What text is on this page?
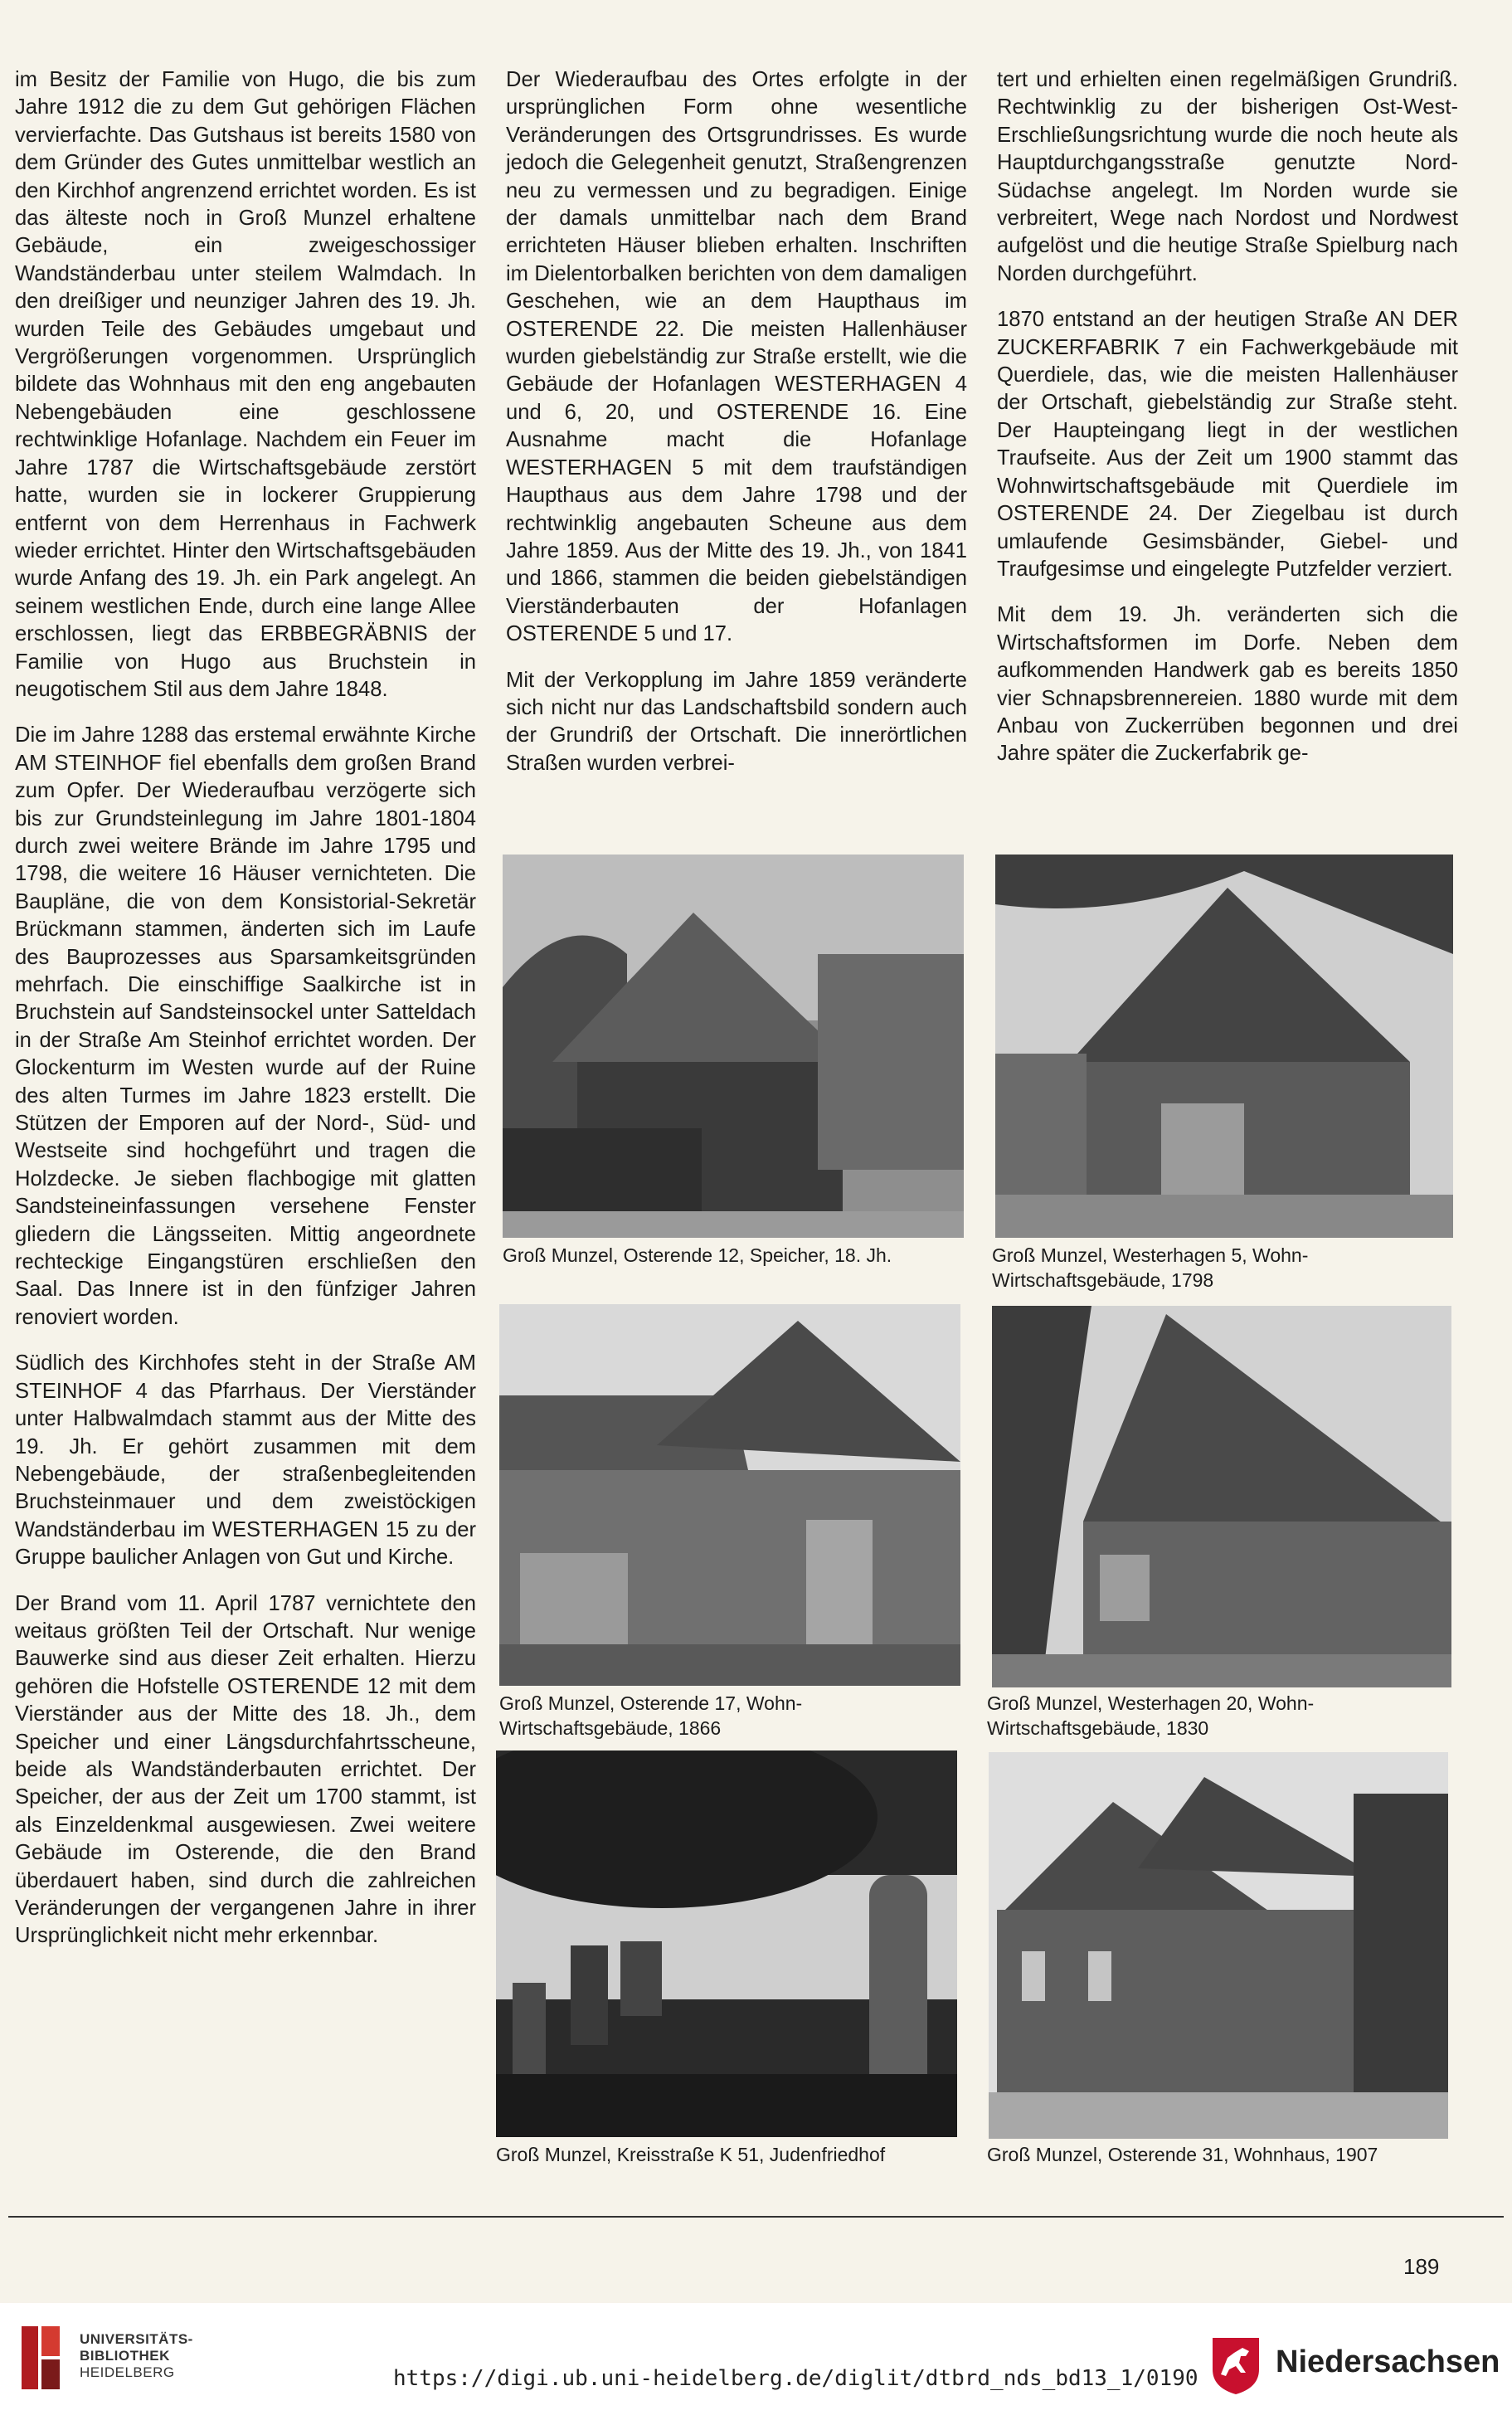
im Besitz der Familie von Hugo, die bis zum Jahre 1912 die zu dem Gut gehörigen Flächen vervierfachte. Das Gutshaus ist bereits 1580 von dem Gründer des Gutes unmittelbar westlich an den Kirchhof angrenzend errichtet worden. Es ist das älteste noch in Groß Munzel erhaltene Gebäude, ein zweigeschossiger Wandständerbau unter steilem Walmdach. In den dreißiger und neunziger Jahren des 19. Jh. wurden Teile des Gebäudes umgebaut und Vergrößerungen vorgenommen. Ursprünglich bildete das Wohnhaus mit den eng angebauten Nebengebäuden eine geschlossene rechtwinklige Hofanlage. Nachdem ein Feuer im Jahre 1787 die Wirtschaftsgebäude zerstört hatte, wurden sie in lockerer Gruppierung entfernt von dem Herrenhaus in Fachwerk wieder errichtet. Hinter den Wirtschaftsgebäuden wurde Anfang des 19. Jh. ein Park angelegt. An seinem westlichen Ende, durch eine lange Allee erschlossen, liegt das ERBBEGRÄBNIS der Familie von Hugo aus Bruchstein in neugotischem Stil aus dem Jahre 1848.

Die im Jahre 1288 das erstemal erwähnte Kirche AM STEINHOF fiel ebenfalls dem großen Brand zum Opfer. Der Wiederaufbau verzögerte sich bis zur Grundsteinlegung im Jahre 1801-1804 durch zwei weitere Brände im Jahre 1795 und 1798, die weitere 16 Häuser vernichteten. Die Baupläne, die von dem Konsistorial-Sekretär Brückmann stammen, änderten sich im Laufe des Bauprozesses aus Sparsamkeitsgründen mehrfach. Die einschiffige Saalkirche ist in Bruchstein auf Sandsteinsockel unter Satteldach in der Straße Am Steinhof errichtet worden. Der Glockenturm im Westen wurde auf der Ruine des alten Turmes im Jahre 1823 erstellt. Die Stützen der Emporen auf der Nord-, Süd- und Westseite sind hochgeführt und tragen die Holzdecke. Je sieben flachbogige mit glatten Sandsteineinfassungen versehene Fenster gliedern die Längsseiten. Mittig angeordnete rechteckige Eingangstüren erschließen den Saal. Das Innere ist in den fünfziger Jahren renoviert worden.

Südlich des Kirchhofes steht in der Straße AM STEINHOF 4 das Pfarrhaus. Der Vierständer unter Halbwalmdach stammt aus der Mitte des 19. Jh. Er gehört zusammen mit dem Nebengebäude, der straßenbegleitenden Bruchsteinmauer und dem zweistöckigen Wandständerbau im WESTERHAGEN 15 zu der Gruppe baulicher Anlagen von Gut und Kirche.

Der Brand vom 11. April 1787 vernichtete den weitaus größten Teil der Ortschaft. Nur wenige Bauwerke sind aus dieser Zeit erhalten. Hierzu gehören die Hofstelle OSTERENDE 12 mit dem Vierständer aus der Mitte des 18. Jh., dem Speicher und einer Längsdurchfahrtsscheune, beide als Wandständerbauten errichtet. Der Speicher, der aus der Zeit um 1700 stammt, ist als Einzeldenkmal ausgewiesen. Zwei weitere Gebäude im Osterende, die den Brand überdauert haben, sind durch die zahlreichen Veränderungen der vergangenen Jahre in ihrer Ursprünglichkeit nicht mehr erkennbar.

Der Wiederaufbau des Ortes erfolgte in der ursprünglichen Form ohne wesentliche Veränderungen des Ortsgrundrisses. Es wurde jedoch die Gelegenheit genutzt, Straßengrenzen neu zu vermessen und zu begradigen. Einige der damals unmittelbar nach dem Brand errichteten Häuser blieben erhalten. Inschriften im Dielentorbalken berichten von dem damaligen Geschehen, wie an dem Haupthaus im OSTERENDE 22. Die meisten Hallenhäuser wurden giebelständig zur Straße erstellt, wie die Gebäude der Hofanlagen WESTERHAGEN 4 und 6, 20, und OSTERENDE 16. Eine Ausnahme macht die Hofanlage WESTERHAGEN 5 mit dem traufständigen Haupthaus aus dem Jahre 1798 und der rechtwinklig angebauten Scheune aus dem Jahre 1859. Aus der Mitte des 19. Jh., von 1841 und 1866, stammen die beiden giebelständigen Vierständerbauten der Hofanlagen OSTERENDE 5 und 17.

Mit der Verkopplung im Jahre 1859 veränderte sich nicht nur das Landschaftsbild sondern auch der Grundriß der Ortschaft. Die innerörtlichen Straßen wurden verbrei-

tert und erhielten einen regelmäßigen Grundriß. Rechtwinklig zu der bisherigen Ost-West-Erschließungsrichtung wurde die noch heute als Hauptdurchgangsstraße genutzte Nord-Südachse angelegt. Im Norden wurde sie verbreitert, Wege nach Nordost und Nordwest aufgelöst und die heutige Straße Spielburg nach Norden durchgeführt.

1870 entstand an der heutigen Straße AN DER ZUCKERFABRIK 7 ein Fachwerkgebäude mit Querdiele, das, wie die meisten Hallenhäuser der Ortschaft, giebelständig zur Straße steht. Der Haupteingang liegt in der westlichen Traufseite. Aus der Zeit um 1900 stammt das Wohnwirtschaftsgebäude mit Querdiele im OSTERENDE 24. Der Ziegelbau ist durch umlaufende Gesimsbänder, Giebel- und Traufgesimse und eingelegte Putzfelder verziert.

Mit dem 19. Jh. veränderten sich die Wirtschaftsformen im Dorfe. Neben dem aufkommenden Handwerk gab es bereits 1850 vier Schnapsbrennereien. 1880 wurde mit dem Anbau von Zuckerrüben begonnen und drei Jahre später die Zuckerfabrik ge-

Groß Munzel, Osterende 12, Speicher, 18. Jh.	Groß Munzel, Westerhagen 5, Wohn-Wirtschaftsgebäude, 1798
Groß Munzel, Osterende 17, Wohn-Wirtschaftsgebäude, 1866
Groß Munzel, Westerhagen 20, Wohn-Wirtschaftsgebäude, 1830
Groß Munzel, Kreisstraße K 51, Judenfriedhof	Groß Munzel, Osterende 31, Wohnhaus, 1907
189
UNIVERSITÄTS-
BIBLIOTHEK
HEIDELBERG	https://digi.ub.uni-heidelberg.de/diglit/dtbrd_nds_bd13_1/0190 Niedersachsen
